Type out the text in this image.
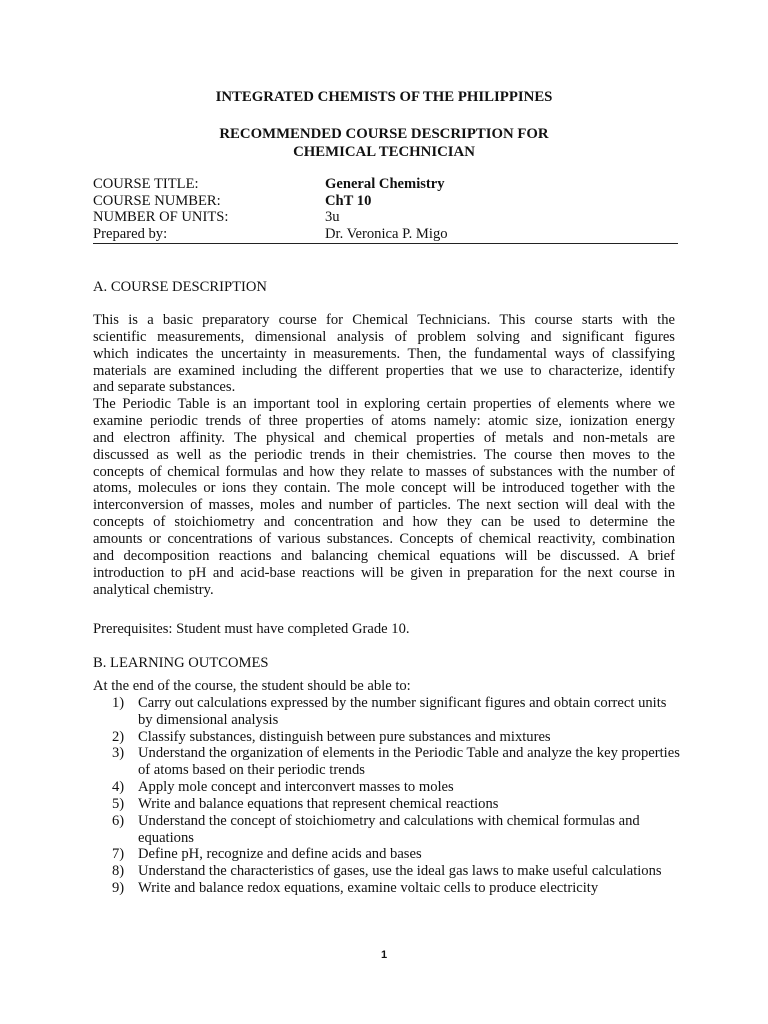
INTEGRATED CHEMISTS OF THE PHILIPPINES
RECOMMENDED COURSE DESCRIPTION FOR
CHEMICAL TECHNICIAN
COURSE TITLE:	General Chemistry
COURSE NUMBER:	ChT 10
NUMBER OF UNITS:	3u
Prepared by:	Dr. Veronica P. Migo
A. COURSE DESCRIPTION
This is a basic preparatory course for Chemical Technicians. This course starts with the
scientific measurements, dimensional analysis of problem solving and significant figures
which indicates the uncertainty in measurements. Then, the fundamental ways of classifying
materials are examined including the different properties that we use to characterize, identify
and separate substances.
The Periodic Table is an important tool in exploring certain properties of elements where we
examine periodic trends of three properties of atoms namely: atomic size, ionization energy
and electron affinity. The physical and chemical properties of metals and non-metals are
discussed as well as the periodic trends in their chemistries. The course then moves to the
concepts of chemical formulas and how they relate to masses of substances with the number of
atoms, molecules or ions they contain. The mole concept will be introduced together with the
interconversion of masses, moles and number of particles. The next section will deal with the
concepts of stoichiometry and concentration and how they can be used to determine the
amounts or concentrations of various substances. Concepts of chemical reactivity, combination
and decomposition reactions and balancing chemical equations will be discussed. A brief
introduction to pH and acid-base reactions will be given in preparation for the next course in
analytical chemistry.
Prerequisites: Student must have completed Grade 10.
B. LEARNING OUTCOMES
At the end of the course, the student should be able to:
1) Carry out calculations expressed by the number significant figures and obtain correct units by dimensional analysis
2) Classify substances, distinguish between pure substances and mixtures
3) Understand the organization of elements in the Periodic Table and analyze the key properties of atoms based on their periodic trends
4) Apply mole concept and interconvert masses to moles
5) Write and balance equations that represent chemical reactions
6) Understand the concept of stoichiometry and calculations with chemical formulas and equations
7) Define pH, recognize and define acids and bases
8) Understand the characteristics of gases, use the ideal gas laws to make useful calculations
9) Write and balance redox equations, examine voltaic cells to produce electricity
1
